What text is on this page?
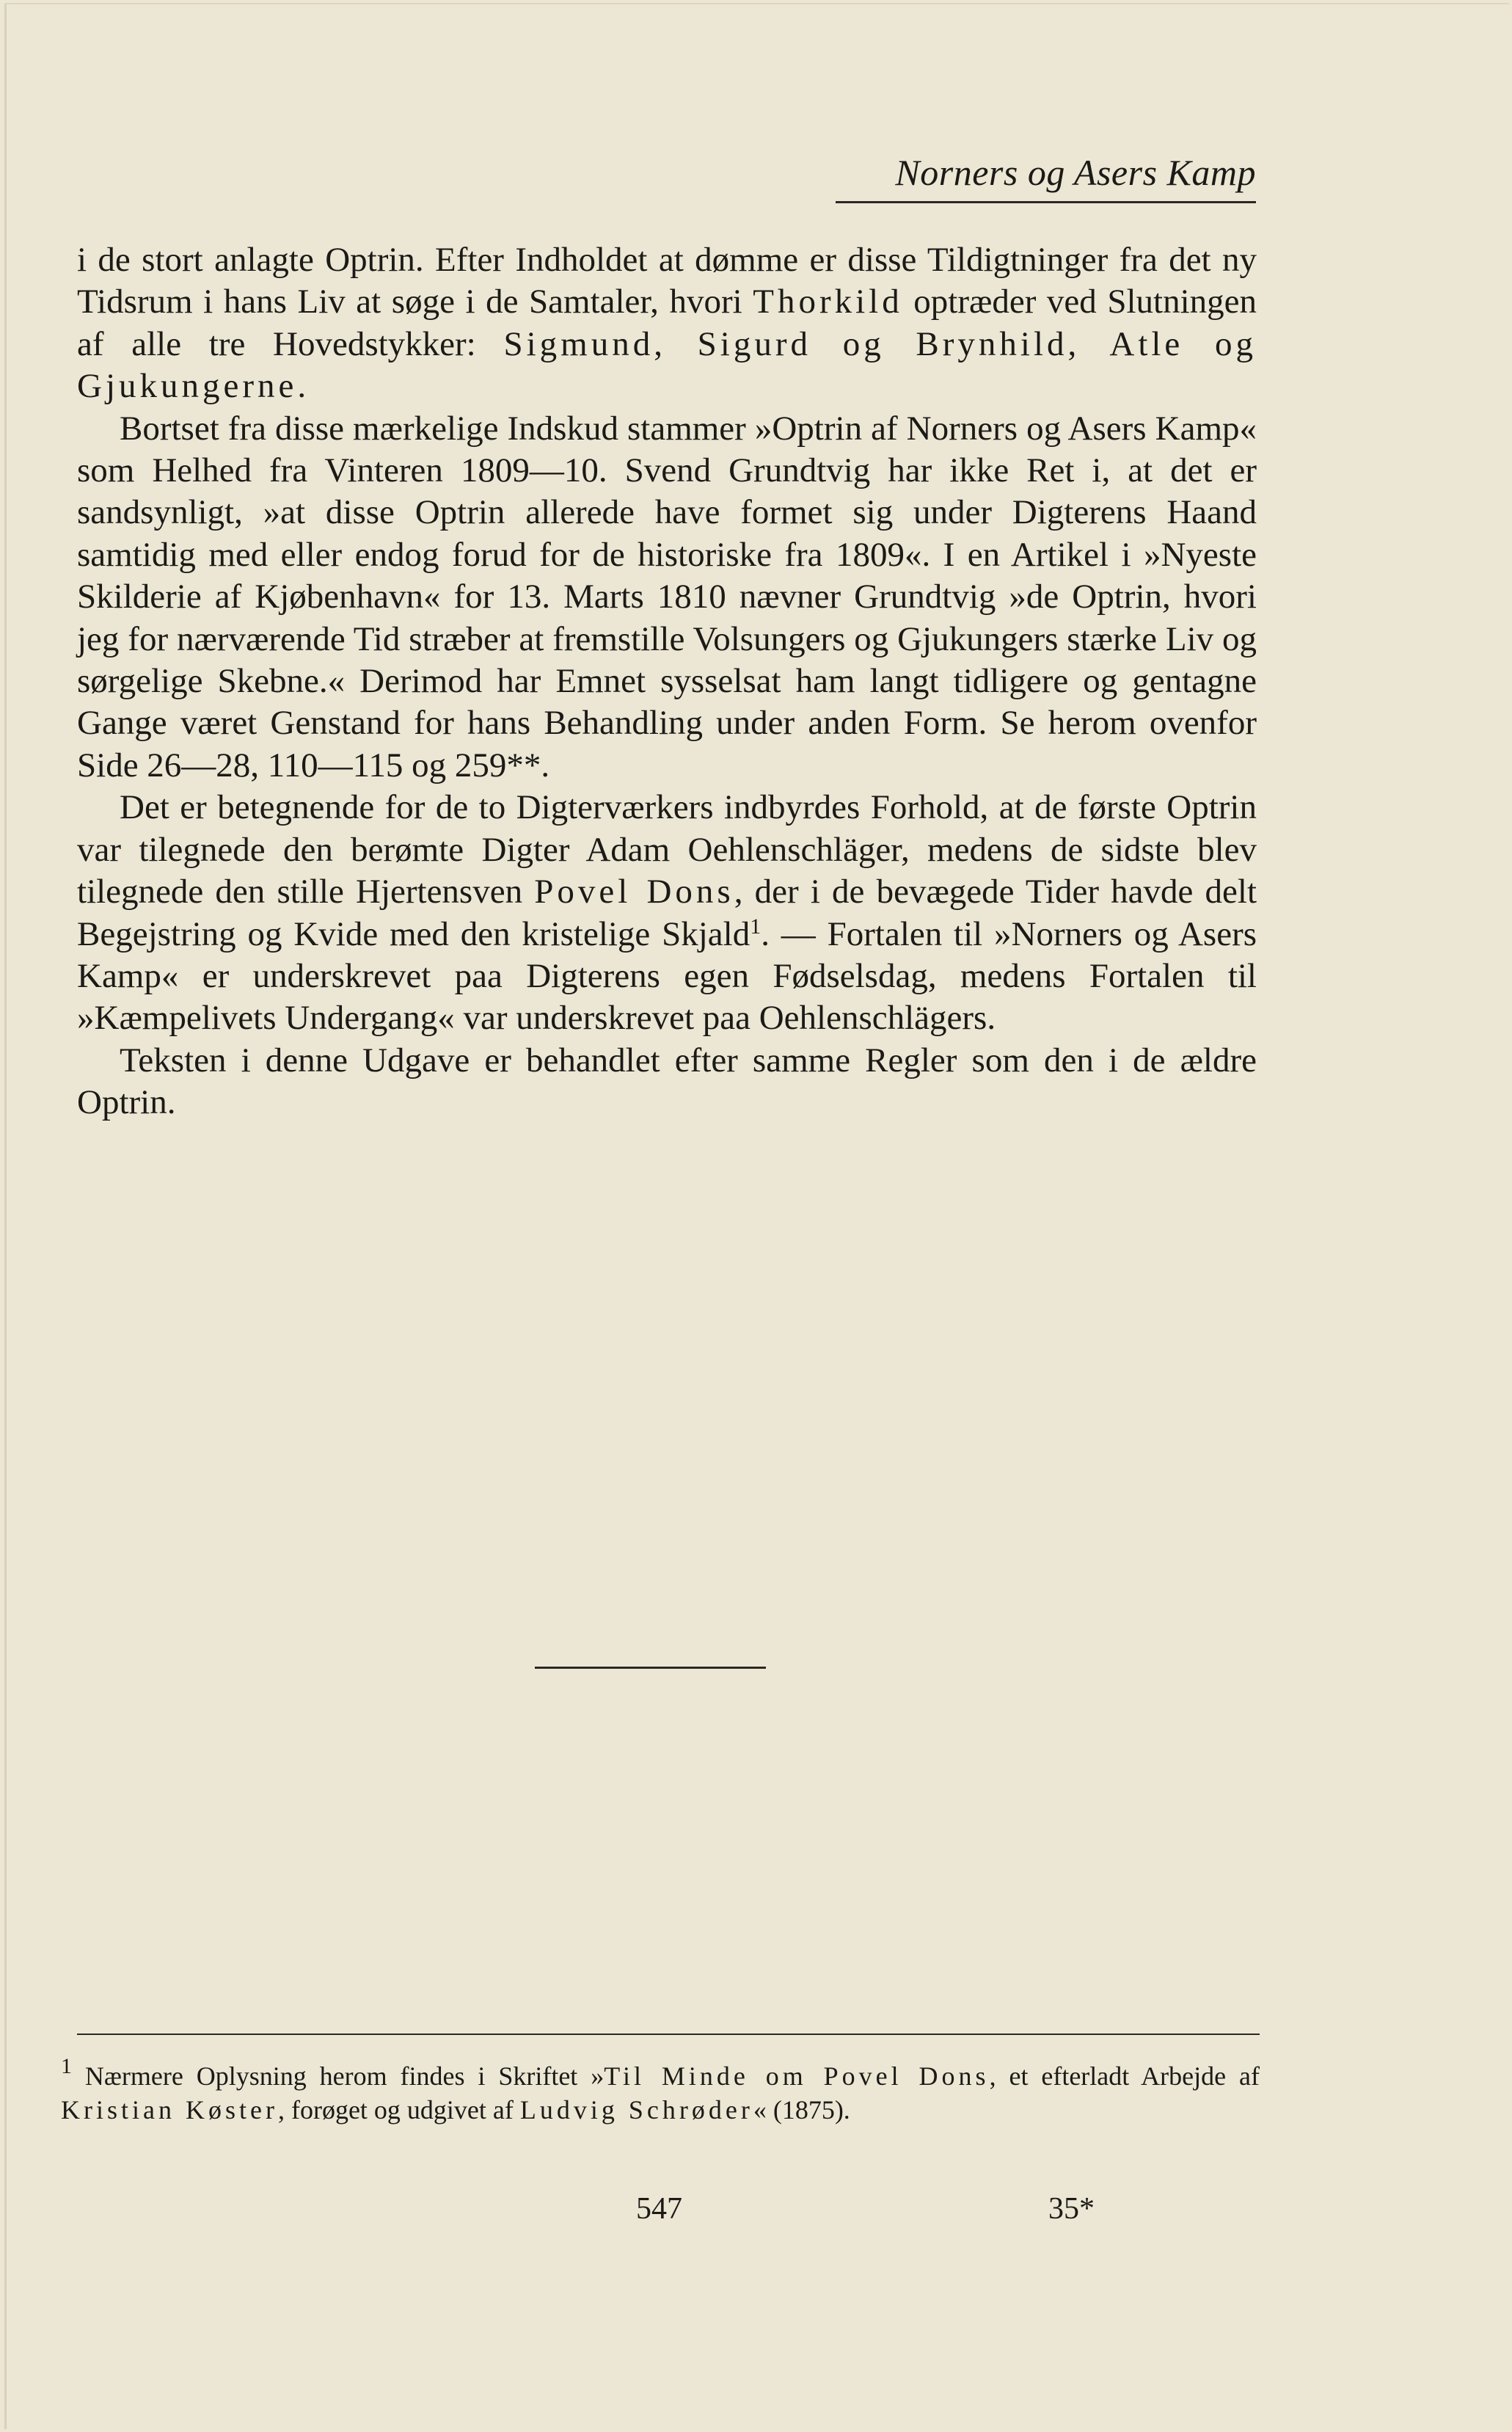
Norners og Asers Kamp

i de stort anlagte Optrin. Efter Indholdet at dømme er disse Tildigtninger fra det ny Tidsrum i hans Liv at søge i de Samtaler, hvori Thorkild optræder ved Slutningen af alle tre Hovedstykker: Sigmund, Sigurd og Brynhild, Atle og Gjukungerne.

Bortset fra disse mærkelige Indskud stammer »Optrin af Norners og Asers Kamp« som Helhed fra Vinteren 1809—10. Svend Grundtvig har ikke Ret i, at det er sandsynligt, »at disse Optrin allerede have formet sig under Digterens Haand samtidig med eller endog forud for de historiske fra 1809«. I en Artikel i »Nyeste Skilderie af Kjøbenhavn« for 13. Marts 1810 nævner Grundtvig »de Optrin, hvori jeg for nærværende Tid stræber at fremstille Volsungers og Gjukungers stærke Liv og sørgelige Skebne.« Derimod har Emnet sysselsat ham langt tidligere og gentagne Gange været Genstand for hans Behandling under anden Form. Se herom ovenfor Side 26—28, 110—115 og 259**.

Det er betegnende for de to Digterværkers indbyrdes Forhold, at de første Optrin var tilegnede den berømte Digter Adam Oehlenschläger, medens de sidste blev tilegnede den stille Hjertensven Povel Dons, der i de bevægede Tider havde delt Begejstring og Kvide med den kristelige Skjald$^1$. — Fortalen til »Norners og Asers Kamp« er underskrevet paa Digterens egen Fødselsdag, medens Fortalen til »Kæmpelivets Undergang« var underskrevet paa Oehlenschlägers.

Teksten i denne Udgave er behandlet efter samme Regler som den i de ældre Optrin.

$^1$ Nærmere Oplysning herom findes i Skriftet »Til Minde om Povel Dons, et efterladt Arbejde af Kristian Køster, forøget og udgivet af Ludvig Schrøder« (1875).
547	35*
